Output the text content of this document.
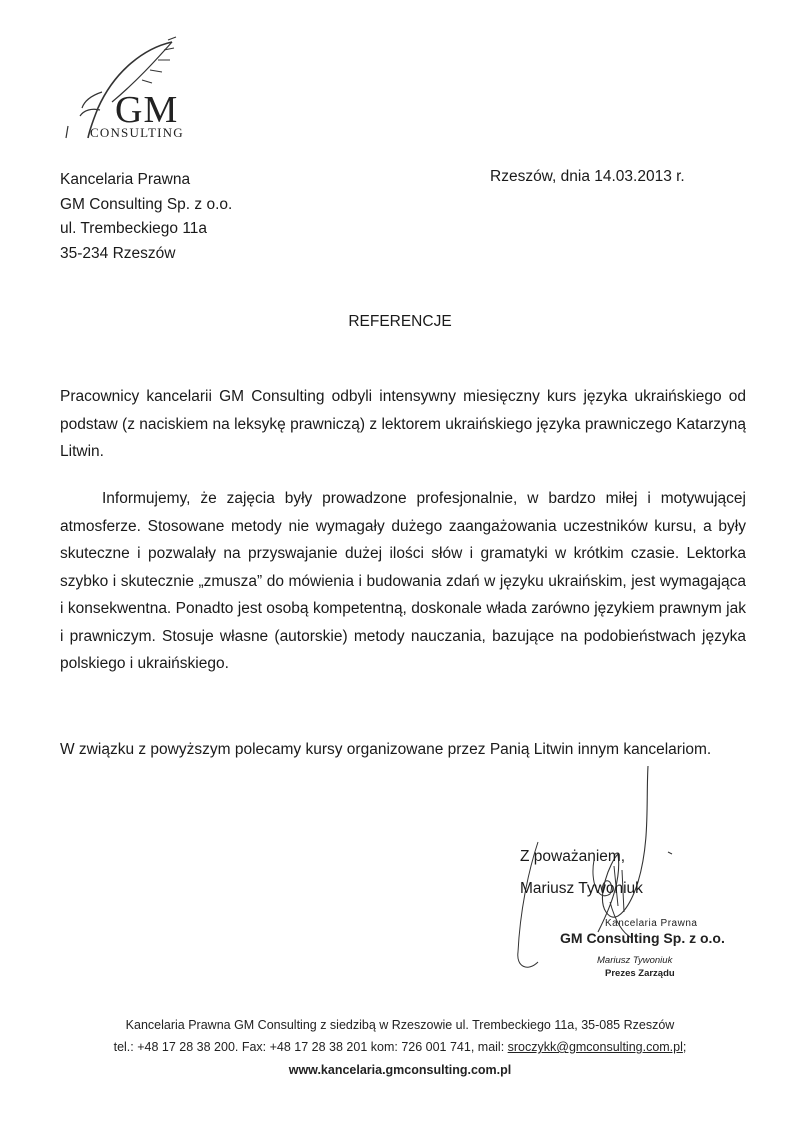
GM
CONSULTING
Kancelaria Prawna
GM Consulting Sp. z o.o.
ul. Trembeckiego 11a
35-234 Rzeszów
Rzeszów, dnia 14.03.2013 r.
REFERENCJE
Pracownicy kancelarii GM Consulting odbyli intensywny miesięczny kurs języka ukraińskiego od podstaw (z naciskiem na leksykę prawniczą) z lektorem ukraińskiego języka prawniczego Katarzyną Litwin.
Informujemy, że zajęcia były prowadzone profesjonalnie, w bardzo miłej i motywującej atmosferze. Stosowane metody nie wymagały dużego zaangażowania uczestników kursu, a były skuteczne i pozwalały na przyswajanie dużej ilości słów i gramatyki w krótkim czasie. Lektorka szybko i skutecznie „zmusza” do mówienia i budowania zdań w języku ukraińskim, jest wymagająca i konsekwentna. Ponadto jest osobą kompetentną, doskonale włada zarówno językiem prawnym jak i prawniczym. Stosuje własne (autorskie) metody nauczania, bazujące na podobieństwach języka polskiego i ukraińskiego.
W związku z powyższym polecamy kursy organizowane przez Panią Litwin innym kancelariom.
Z poważaniem,
Mariusz Tywoniuk
Kancelaria Prawna
GM Consulting Sp. z o.o.
Mariusz Tywoniuk
Prezes Zarządu
Kancelaria Prawna GM Consulting z siedzibą w Rzeszowie ul. Trembeckiego 11a, 35-085 Rzeszów
tel.: +48 17 28 38 200. Fax: +48 17 28 38 201 kom: 726 001 741, mail: sroczykk@gmconsulting.com.pl;
www.kancelaria.gmconsulting.com.pl
